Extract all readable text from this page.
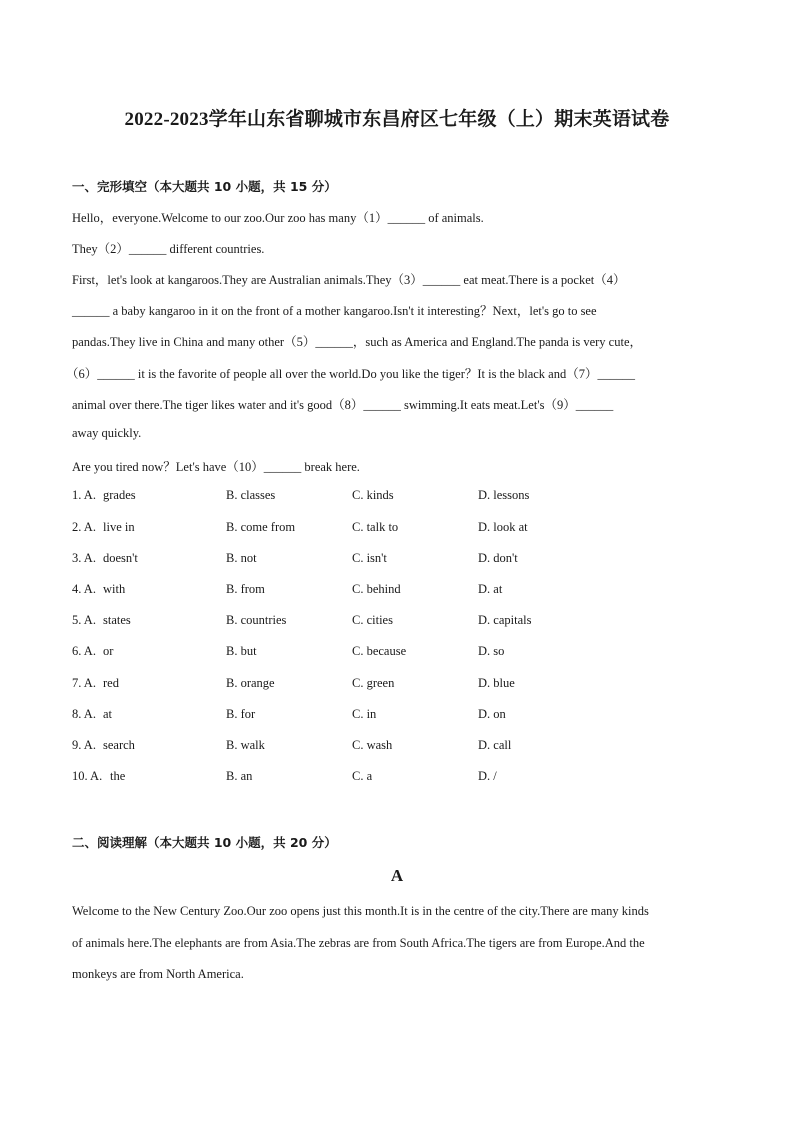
2022-2023学年山东省聊城市东昌府区七年级（上）期末英语试卷
一、完形填空（本大题共 10 小题，共 15 分）
Hello，everyone.Welcome to our zoo.Our zoo has many（1）______ of animals.
They（2）______ different countries.
First，let's look at kangaroos.They are Australian animals.They（3）______ eat meat.There is a pocket（4）
______ a baby kangaroo in it on the front of a mother kangaroo.Isn't it interesting？Next，let's go to see
pandas.They live in China and many other（5）______，such as America and England.The panda is very cute，
（6）______ it is the favorite of people all over the world.Do you like the tiger？It is the black and（7）______
animal over there.The tiger likes water and it's good（8）______ swimming.It eats meat.Let's（9）______
away quickly.
Are you tired now？Let's have（10）______ break here.
1. A. grades	B. classes	C. kinds	D. lessons
2. A. live in	B. come from	C. talk to	D. look at
3. A. doesn't	B. not	C. isn't	D. don't
4. A. with	B. from	C. behind	D. at
5. A. states	B. countries	C. cities	D. capitals
6. A. or	B. but	C. because	D. so
7. A. red	B. orange	C. green	D. blue
8. A. at	B. for	C. in	D. on
9. A. search	B. walk	C. wash	D. call
10. A. the	B. an	C. a	D. /
二、阅读理解（本大题共 10 小题，共 20 分）
A
Welcome to the New Century Zoo.Our zoo opens just this month.It is in the centre of the city.There are many kinds
of animals here.The elephants are from Asia.The zebras are from South Africa.The tigers are from Europe.And the
monkeys are from North America.
